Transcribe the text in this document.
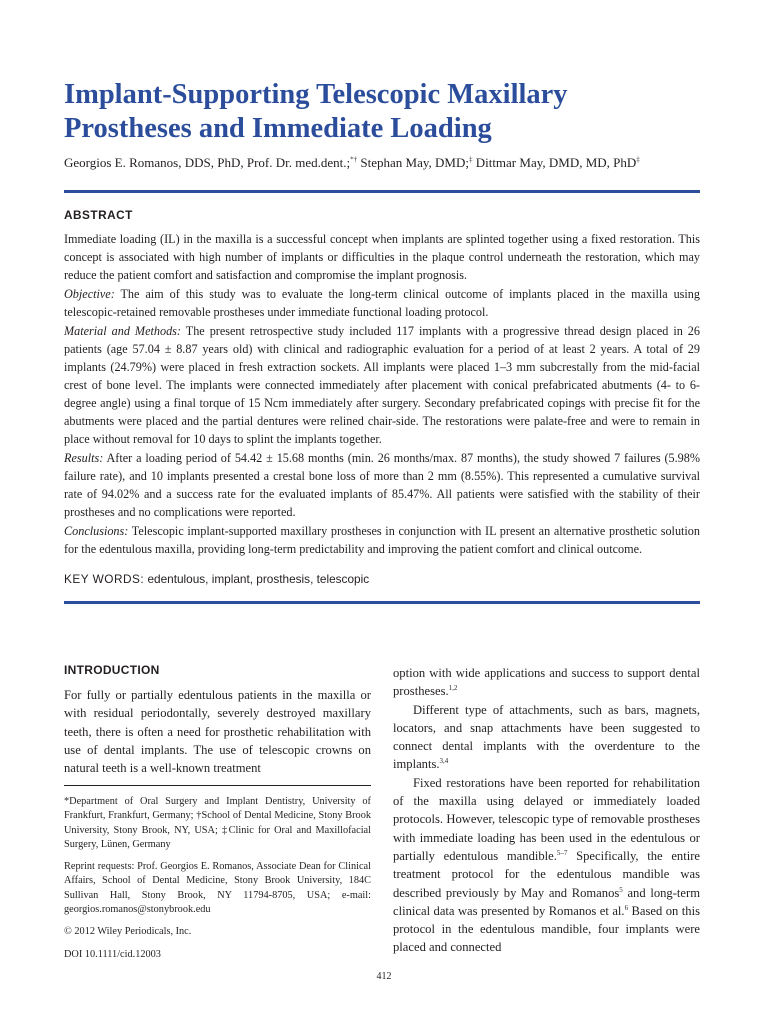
Implant-Supporting Telescopic Maxillary
Prostheses and Immediate Loading

Georgios E. Romanos, DDS, PhD, Prof. Dr. med.dent.;*† Stephan May, DMD;‡ Dittmar May, DMD, MD, PhD‡

ABSTRACT

Immediate loading (IL) in the maxilla is a successful concept when implants are splinted together using a fixed restoration. This concept is associated with high number of implants or difficulties in the plaque control underneath the restoration, which may reduce the patient comfort and satisfaction and compromise the implant prognosis.

Objective: The aim of this study was to evaluate the long-term clinical outcome of implants placed in the maxilla using telescopic-retained removable prostheses under immediate functional loading protocol.

Material and Methods: The present retrospective study included 117 implants with a progressive thread design placed in 26 patients (age 57.04 ± 8.87 years old) with clinical and radiographic evaluation for a period of at least 2 years. A total of 29 implants (24.79%) were placed in fresh extraction sockets. All implants were placed 1–3 mm subcrestally from the mid-facial crest of bone level. The implants were connected immediately after placement with conical prefabricated abutments (4- to 6-degree angle) using a final torque of 15 Ncm immediately after surgery. Secondary prefabricated copings with precise fit for the abutments were placed and the partial dentures were relined chair-side. The restorations were palate-free and were to remain in place without removal for 10 days to splint the implants together.

Results: After a loading period of 54.42 ± 15.68 months (min. 26 months/max. 87 months), the study showed 7 failures (5.98% failure rate), and 10 implants presented a crestal bone loss of more than 2 mm (8.55%). This represented a cumulative survival rate of 94.02% and a success rate for the evaluated implants of 85.47%. All patients were satisfied with the stability of their prostheses and no complications were reported.

Conclusions: Telescopic implant-supported maxillary prostheses in conjunction with IL present an alternative prosthetic solution for the edentulous maxilla, providing long-term predictability and improving the patient comfort and clinical outcome.

KEY WORDS: edentulous, implant, prosthesis, telescopic
INTRODUCTION

For fully or partially edentulous patients in the maxilla or with residual periodontally, severely destroyed maxillary teeth, there is often a need for prosthetic rehabilitation with use of dental implants. The use of telescopic crowns on natural teeth is a well-known treatment

*Department of Oral Surgery and Implant Dentistry, University of Frankfurt, Frankfurt, Germany; †School of Dental Medicine, Stony Brook University, Stony Brook, NY, USA; ‡Clinic for Oral and Maxillofacial Surgery, Lünen, Germany

Reprint requests: Prof. Georgios E. Romanos, Associate Dean for Clinical Affairs, School of Dental Medicine, Stony Brook University, 184C Sullivan Hall, Stony Brook, NY 11794-8705, USA; e-mail: georgios.romanos@stonybrook.edu

© 2012 Wiley Periodicals, Inc.

DOI 10.1111/cid.12003

option with wide applications and success to support dental prostheses.$^{1,2}$

Different type of attachments, such as bars, magnets, locators, and snap attachments have been suggested to connect dental implants with the overdenture to the implants.$^{3,4}$

Fixed restorations have been reported for rehabilitation of the maxilla using delayed or immediately loaded protocols. However, telescopic type of removable prostheses with immediate loading has been used in the edentulous or partially edentulous mandible.$^{5-7}$ Specifically, the entire treatment protocol for the edentulous mandible was described previously by May and Romanos$^5$ and long-term clinical data was presented by Romanos et al.$^6$ Based on this protocol in the edentulous mandible, four implants were placed and connected

412
